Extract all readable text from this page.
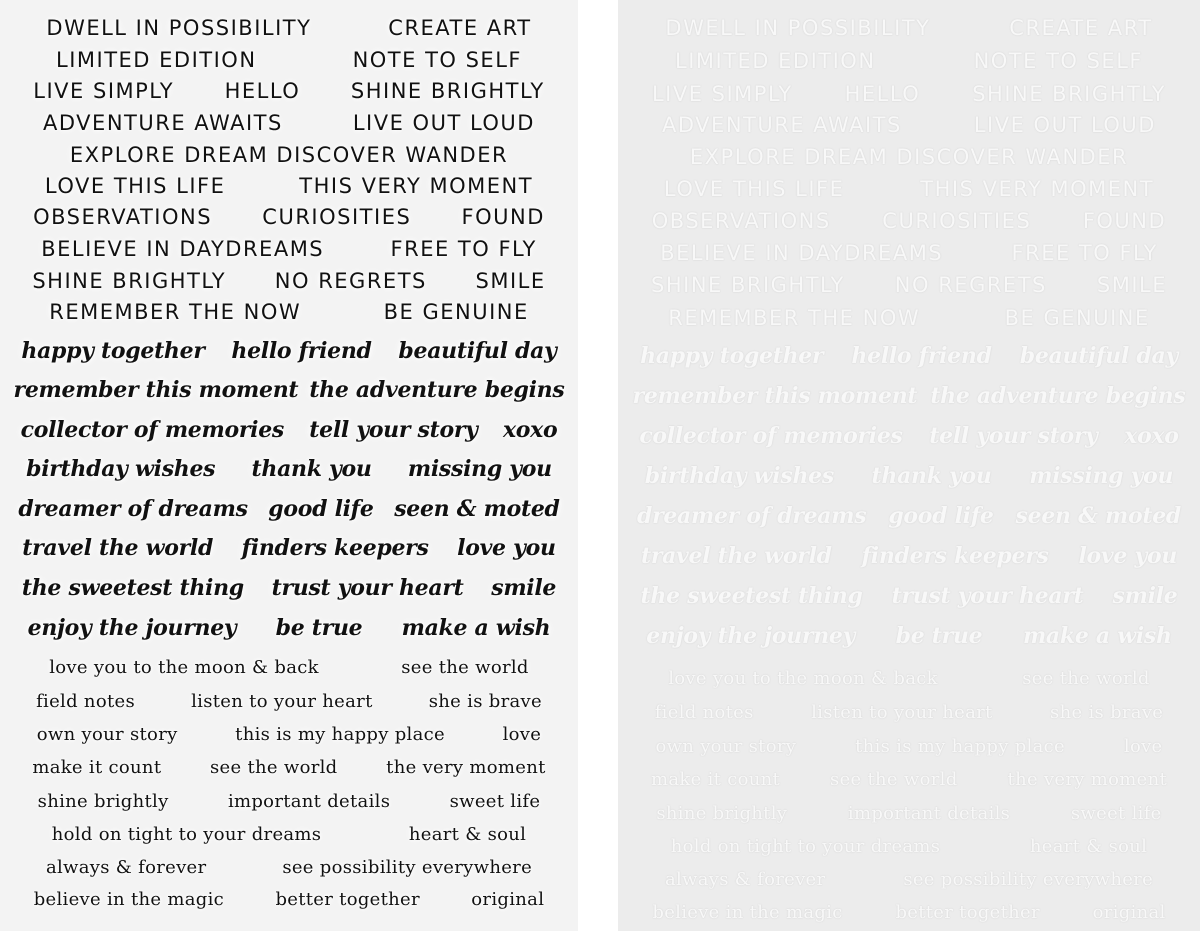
DWELL IN POSSIBILITY	CREATE ART
LIMITED EDITION	NOTE TO SELF
LIVE SIMPLY HELLO SHINE BRIGHTLY
ADVENTURE AWAITS	LIVE OUT LOUD
EXPLORE DREAM DISCOVER WANDER
LOVE THIS LIFE	THIS VERY MOMENT
OBSERVATIONS CURIOSITIES FOUND
BELIEVE IN DAYDREAMS	FREE TO FLY
SHINE BRIGHTLY NO REGRETS SMILE
REMEMBER THE NOW	BE GENUINE
happy together hello friend beautiful day
remember this moment the adventure begins
collector of memories tell your story xoxo
birthday wishes thank you missing you
dreamer of dreams good life seen & moted
travel the world finders keepers love you
the sweetest thing trust your heart smile
enjoy the journey be true make a wish
love you to the moon & back	see the world
field notes	listen to your heart	she is brave
own your story	this is my happy place	love
make it count	see the world	the very moment
shine brightly	important details	sweet life
hold on tight to your dreams	heart & soul
always & forever	see possibility everywhere
believe in the magic	better together	original
DWELL IN POSSIBILITY	CREATE ART
LIMITED EDITION	NOTE TO SELF
LIVE SIMPLY HELLO SHINE BRIGHTLY
ADVENTURE AWAITS	LIVE OUT LOUD
EXPLORE DREAM DISCOVER WANDER
LOVE THIS LIFE	THIS VERY MOMENT
OBSERVATIONS CURIOSITIES FOUND
BELIEVE IN DAYDREAMS	FREE TO FLY
SHINE BRIGHTLY NO REGRETS SMILE
REMEMBER THE NOW	BE GENUINE
happy together hello friend beautiful day
remember this moment the adventure begins
collector of memories tell your story xoxo
birthday wishes thank you missing you
dreamer of dreams good life seen & moted
travel the world finders keepers love you
the sweetest thing trust your heart smile
enjoy the journey be true make a wish
love you to the moon & back	see the world
field notes	listen to your heart	she is brave
own your story	this is my happy place	love
make it count	see the world	the very moment
shine brightly	important details	sweet life
hold on tight to your dreams	heart & soul
always & forever	see possibility everywhere
believe in the magic	better together	original
